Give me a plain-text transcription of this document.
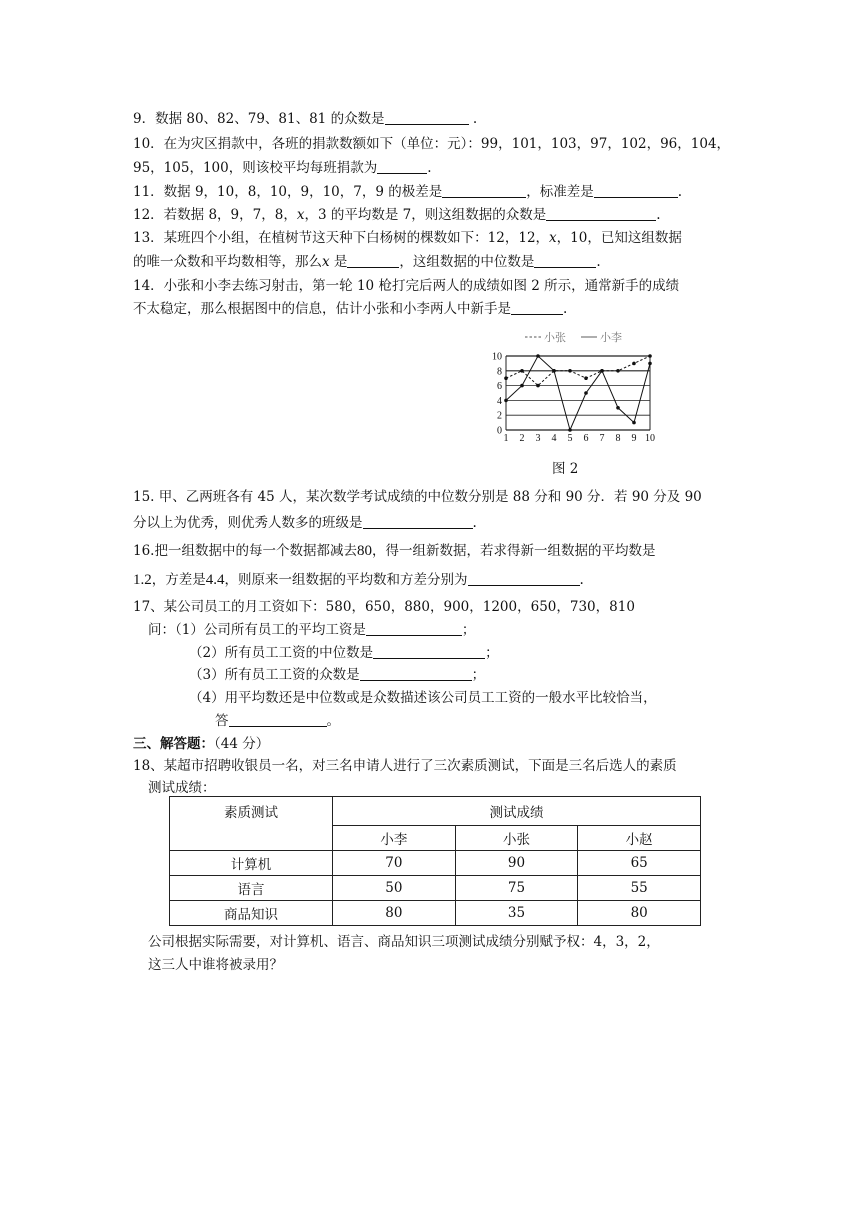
9．数据 80、82、79、81、81 的众数是	.
10．在为灾区捐款中，各班的捐款数额如下（单位：元）：99，101，103，97，102，96，104，
95，105，100，则该校平均每班捐款为	.
11．数据 9，10，8，10，9，10，7，9 的极差是	，标准差是	.
12．若数据 8，9，7，8，x，3 的平均数是 7，则这组数据的众数是	.
13．某班四个小组，在植树节这天种下白杨树的棵数如下：12，12，x，10，已知这组数据
的唯一众数和平均数相等，那么x 是	，这组数据的中位数是	.
14．小张和小李去练习射击，第一轮 10 枪打完后两人的成绩如图 2 所示，通常新手的成绩
不太稳定，那么根据图中的信息，估计小张和小李两人中新手是	.
0
2
4
6
8
10
1 2 3 4 5 6 7 8 9 10
小张	小李
图 2
15. 甲、乙两班各有 45 人，某次数学考试成绩的中位数分别是 88 分和 90 分．若 90 分及 90
分以上为优秀，则优秀人数多的班级是	.
16.把一组数据中的每一个数据都减去80，得一组新数据，若求得新一组数据的平均数是
1.2，方差是4.4，则原来一组数据的平均数和方差分别为	.
17、某公司员工的月工资如下：580，650，880，900，1200，650，730，810
问：（1）公司所有员工的平均工资是	；
（2）所有员工工资的中位数是	；
（3）所有员工工资的众数是	；
（4）用平均数还是中位数或是众数描述该公司员工工资的一般水平比较恰当，
答	。
三、解答题：（44 分）
18、某超市招聘收银员一名，对三名申请人进行了三次素质测试，下面是三名后选人的素质
测试成绩：
素质测试	测试成绩		
	小李	小张	小赵
计算机	70	90	65
语言	50	75	55
商品知识	80	35	80
公司根据实际需要，对计算机、语言、商品知识三项测试成绩分别赋予权：4，3，2，
这三人中谁将被录用？
